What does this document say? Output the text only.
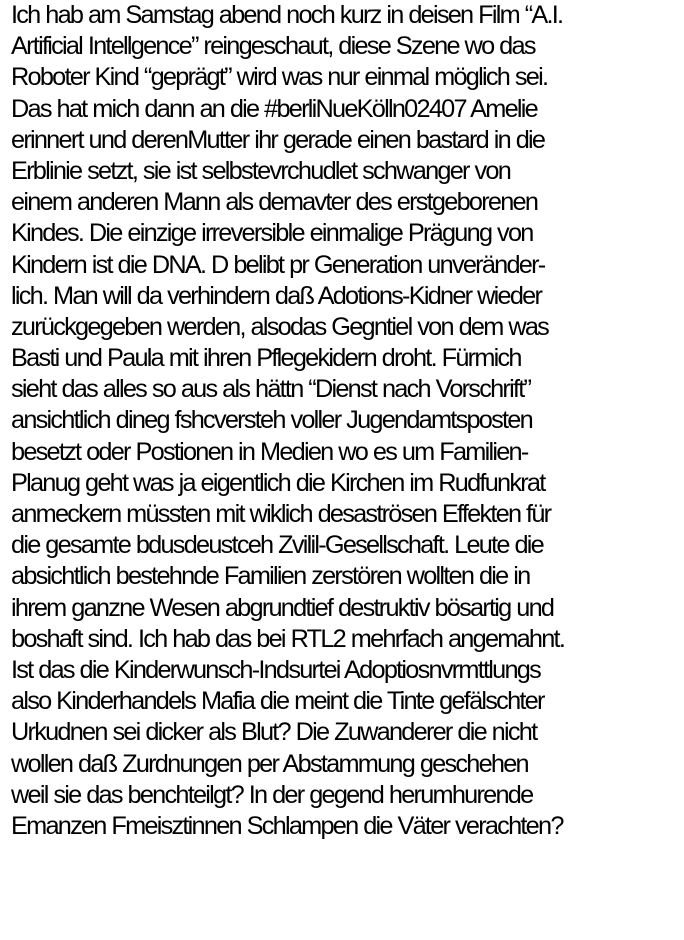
Ich hab am Samstag abend noch kurz in deisen Film “A.I.
Artificial Intellgence” reingeschaut, diese Szene wo das
Roboter Kind “geprägt” wird was nur einmal möglich sei.
Das hat mich dann an die #berliNueKölln02407 Amelie
erinnert und derenMutter ihr gerade einen bastard in die
Erblinie setzt, sie ist selbstevrchudlet schwanger von
einem anderen Mann als demavter des erstgeborenen
Kindes. Die einzige irreversible einmalige Prägung von
Kindern ist die DNA. D belibt pr Generation unveränder-
lich. Man will da verhindern daß Adotions-Kidner wieder
zurückgegeben werden, alsodas Gegntiel von dem was
Basti und Paula mit ihren Pflegekidern droht. Fürmich
sieht das alles so aus als hättn “Dienst nach Vorschrift”
ansichtlich dineg fshcversteh voller Jugendamtsposten
besetzt oder Postionen in Medien wo es um Familien-
Planug geht was ja eigentlich die Kirchen im Rudfunkrat
anmeckern müssten mit wiklich desaströsen Effekten für
die gesamte bdusdeustceh Zvilil-Gesellschaft. Leute die
absichtlich bestehnde Familien zerstören wollten die in
ihrem ganzne Wesen abgrundtief destruktiv bösartig und
boshaft sind. Ich hab das bei RTL2 mehrfach angemahnt.
Ist das die Kinderwunsch-Indsurtei Adoptiosnvrmttlungs
also Kinderhandels Mafia die meint die Tinte gefälschter
Urkudnen sei dicker als Blut? Die Zuwanderer die nicht
wollen daß Zurdnungen per Abstammung geschehen
weil sie das benchteilgt? In der gegend herumhurende
Emanzen Fmeisztinnen Schlampen die Väter verachten?
